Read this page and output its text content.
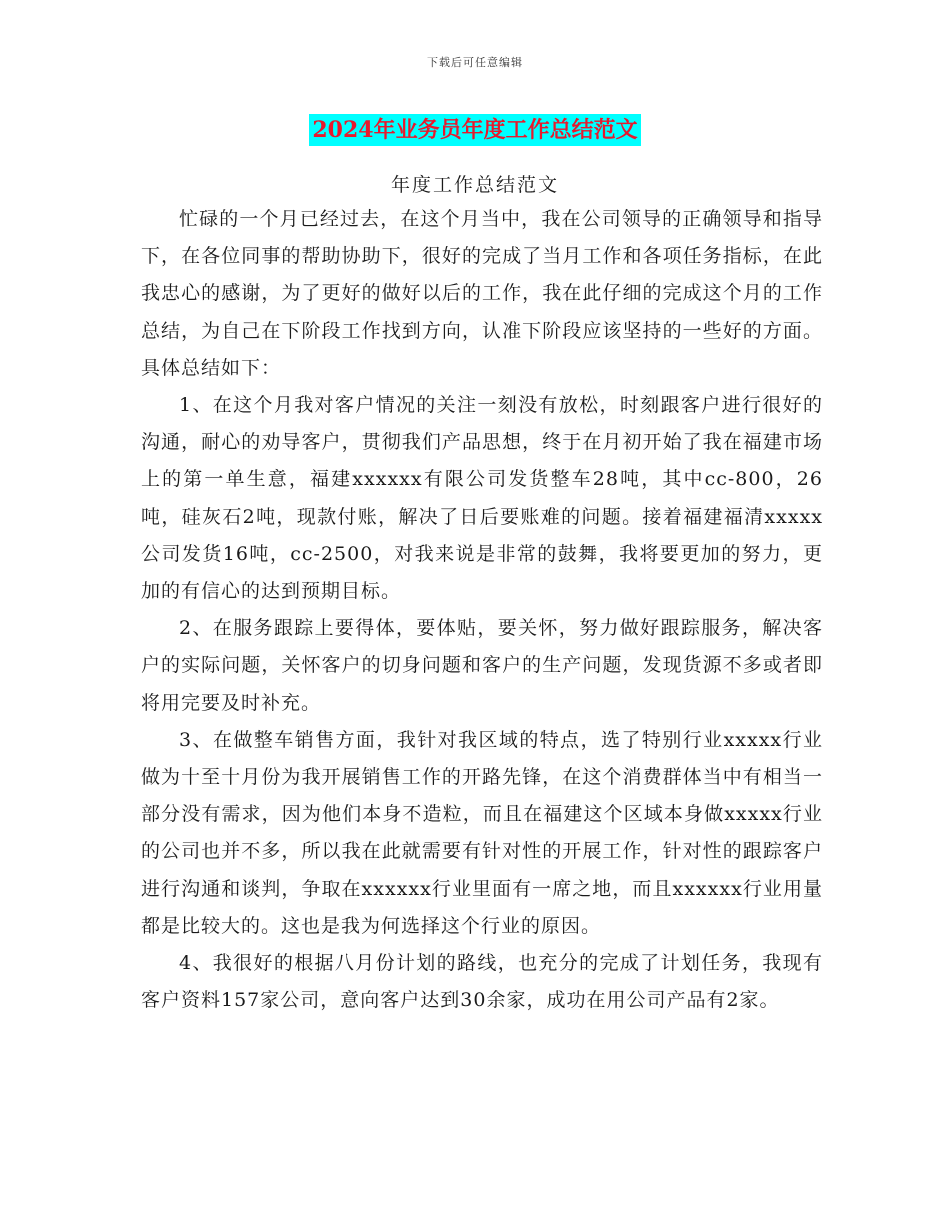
下载后可任意编辑
2024年业务员年度工作总结范文
年度工作总结范文

忙碌的一个月已经过去，在这个月当中，我在公司领导的正确领导和指导下，在各位同事的帮助协助下，很好的完成了当月工作和各项任务指标，在此我忠心的感谢，为了更好的做好以后的工作，我在此仔细的完成这个月的工作总结，为自己在下阶段工作找到方向，认准下阶段应该坚持的一些好的方面。具体总结如下：

1、在这个月我对客户情况的关注一刻没有放松，时刻跟客户进行很好的沟通，耐心的劝导客户，贯彻我们产品思想，终于在月初开始了我在福建市场上的第一单生意，福建xxxxxx有限公司发货整车28吨，其中cc-800，26吨，硅灰石2吨，现款付账，解决了日后要账难的问题。接着福建福清xxxxx公司发货16吨，cc-2500，对我来说是非常的鼓舞，我将要更加的努力，更加的有信心的达到预期目标。

2、在服务跟踪上要得体，要体贴，要关怀，努力做好跟踪服务，解决客户的实际问题，关怀客户的切身问题和客户的生产问题，发现货源不多或者即将用完要及时补充。

3、在做整车销售方面，我针对我区域的特点，选了特别行业xxxxx行业做为十至十月份为我开展销售工作的开路先锋，在这个消费群体当中有相当一部分没有需求，因为他们本身不造粒，而且在福建这个区域本身做xxxxx行业的公司也并不多，所以我在此就需要有针对性的开展工作，针对性的跟踪客户进行沟通和谈判，争取在xxxxxx行业里面有一席之地，而且xxxxxx行业用量都是比较大的。这也是我为何选择这个行业的原因。

4、我很好的根据八月份计划的路线，也充分的完成了计划任务，我现有客户资料157家公司，意向客户达到30余家，成功在用公司产品有2家。
